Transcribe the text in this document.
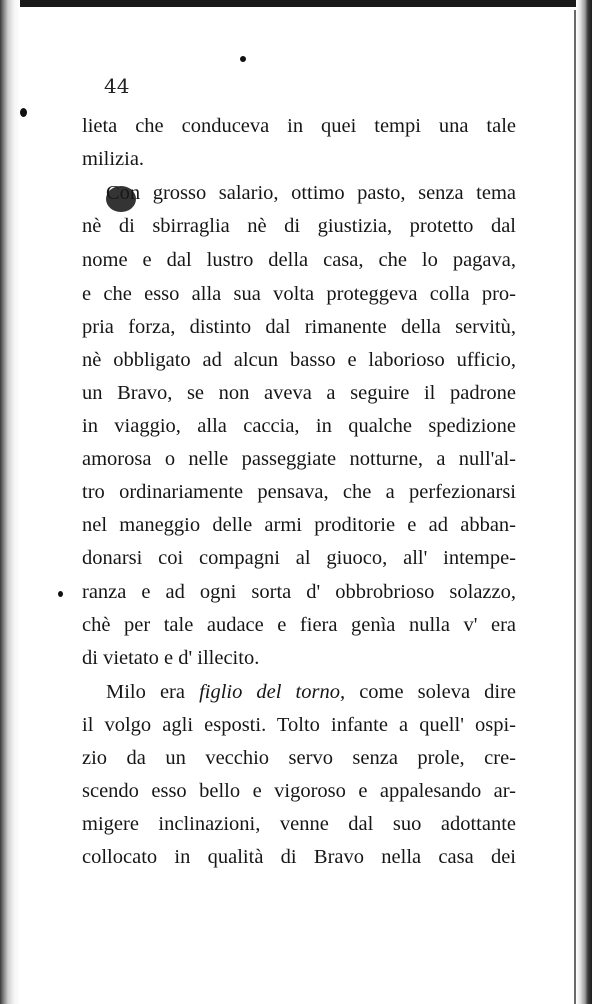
44
lieta che conduceva in quei tempi una tale
milizia.
Con grosso salario, ottimo pasto, senza tema
nè di sbirraglia nè di giustizia, protetto dal
nome e dal lustro della casa, che lo pagava,
e che esso alla sua volta proteggeva colla pro-
pria forza, distinto dal rimanente della servitù,
nè obbligato ad alcun basso e laborioso ufficio,
un Bravo, se non aveva a seguire il padrone
in viaggio, alla caccia, in qualche spedizione
amorosa o nelle passeggiate notturne, a null'al-
tro ordinariamente pensava, che a perfezionarsi
nel maneggio delle armi proditorie e ad abban-
donarsi coi compagni al giuoco, all' intempe-
ranza e ad ogni sorta d' obbrobrioso solazzo,
chè per tale audace e fiera genìa nulla v' era
di vietato e d' illecito.
Milo era figlio del torno, come soleva dire
il volgo agli esposti. Tolto infante a quell' ospi-
zio da un vecchio servo senza prole, cre-
scendo esso bello e vigoroso e appalesando ar-
migere inclinazioni, venne dal suo adottante
collocato in qualità di Bravo nella casa dei
